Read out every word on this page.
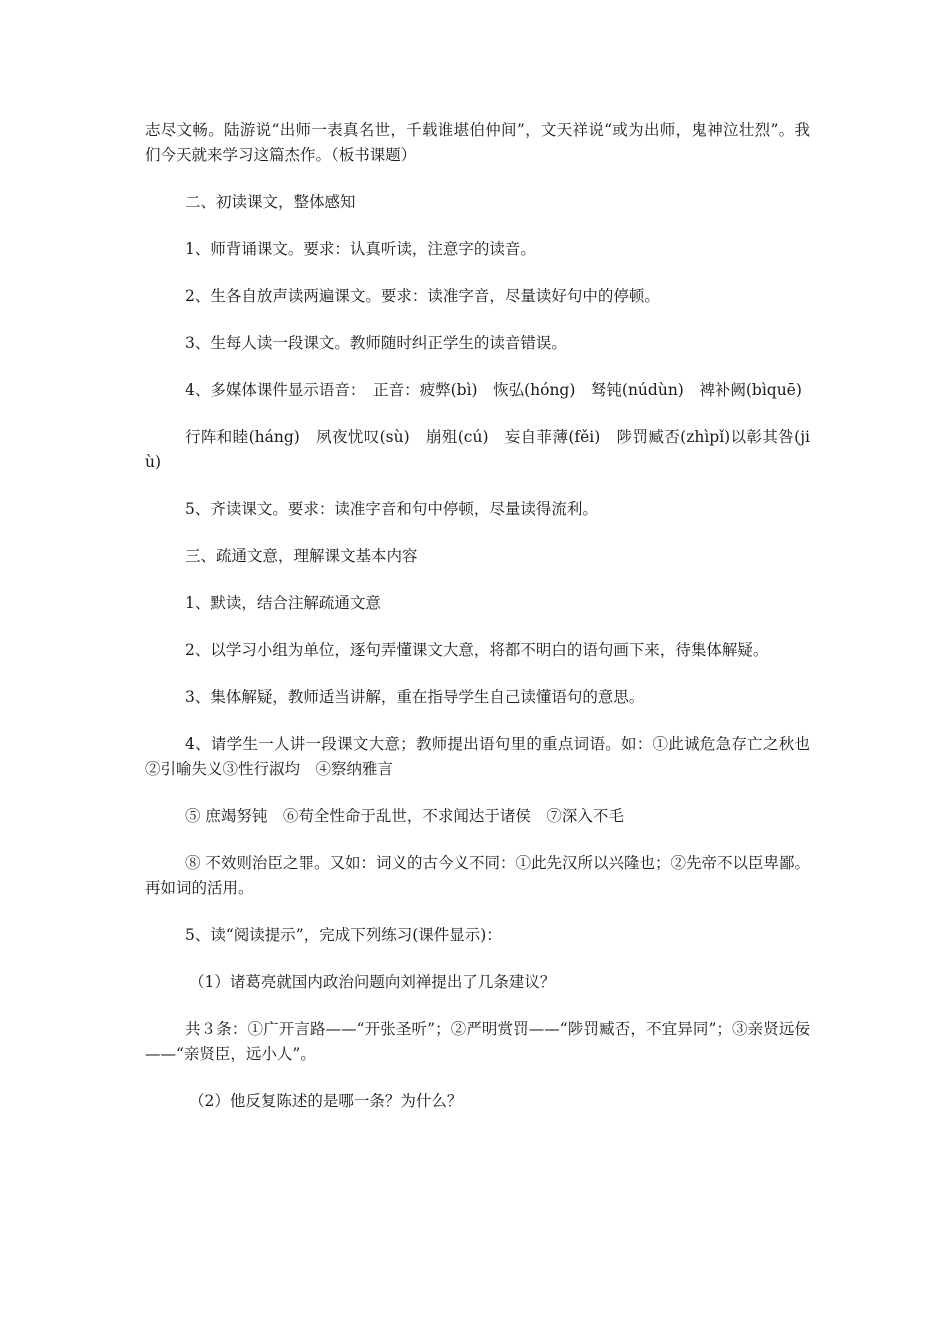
志尽文畅。陆游说“出师一表真名世，千载谁堪伯仲间”，文天祥说“或为出师，鬼神泣壮烈”。我们今天就来学习这篇杰作。（板书课题）

二、初读课文，整体感知

1、师背诵课文。要求：认真听读，注意字的读音。

2、生各自放声读两遍课文。要求：读准字音，尽量读好句中的停顿。

3、生每人读一段课文。教师随时纠正学生的读音错误。

4、多媒体课件显示语音：　正音：疲弊(bì)　恢弘(hóng)　驽钝(núdùn)　裨补阙(bìquē)

行阵和睦(háng)　夙夜忧叹(sù)　崩殂(cú)　妄自菲薄(fěi)　陟罚臧否(zhìpǐ)以彰其咎(jiù)

5、齐读课文。要求：读准字音和句中停顿，尽量读得流利。

三、疏通文意，理解课文基本内容

1、默读，结合注解疏通文意

2、以学习小组为单位，逐句弄懂课文大意，将都不明白的语句画下来，待集体解疑。

3、集体解疑，教师适当讲解，重在指导学生自己读懂语句的意思。

4、请学生一人讲一段课文大意；教师提出语句里的重点词语。如：①此诚危急存亡之秋也　②引喻失义③性行淑均　④察纳雅言

⑤ 庶竭努钝　⑥苟全性命于乱世，不求闻达于诸侯　⑦深入不毛

⑧ 不效则治臣之罪。又如：词义的古今义不同：①此先汉所以兴隆也；②先帝不以臣卑鄙。再如词的活用。

5、读“阅读提示”，完成下列练习(课件显示)：

（1）诸葛亮就国内政治问题向刘禅提出了几条建议？

共３条：①广开言路——“开张圣听”；②严明赏罚——“陟罚臧否，不宜异同”；③亲贤远佞——“亲贤臣，远小人”。

（2）他反复陈述的是哪一条？为什么？
